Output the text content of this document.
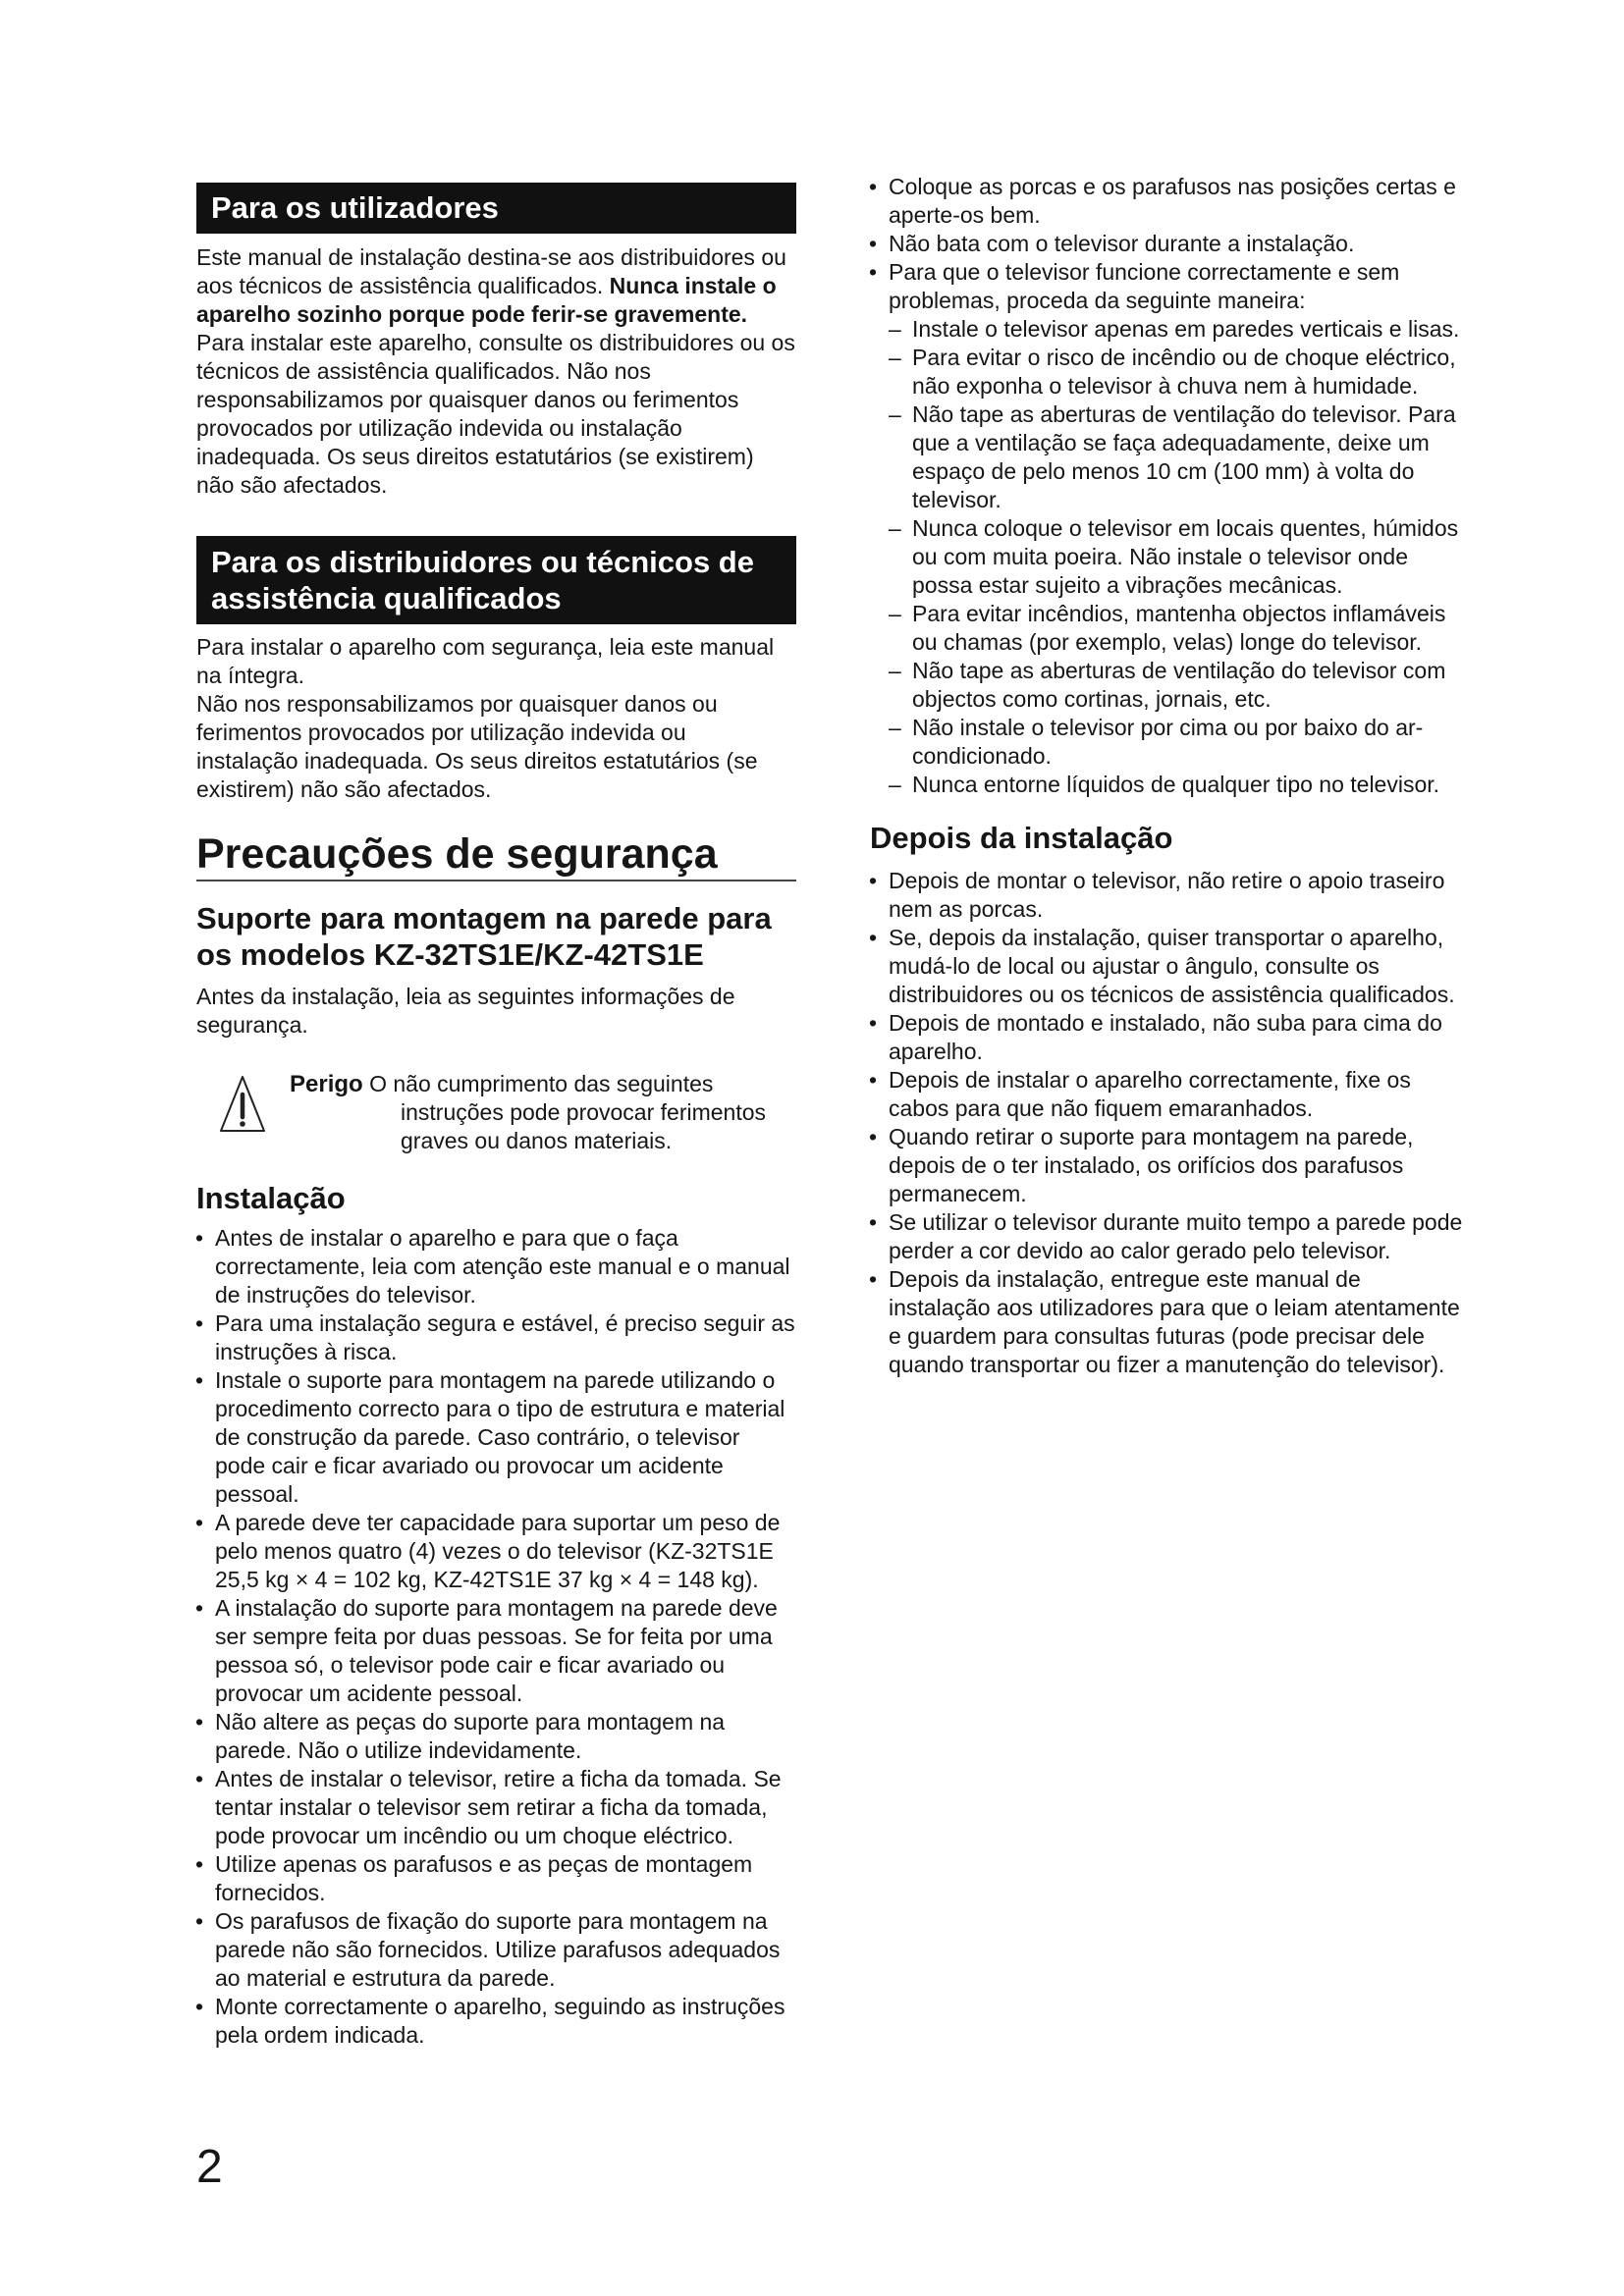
Para os utilizadores

Este manual de instalação destina-se aos distribuidores ou
aos técnicos de assistência qualificados. Nunca instale o
aparelho sozinho porque pode ferir-se gravemente.
Para instalar este aparelho, consulte os distribuidores ou os
técnicos de assistência qualificados. Não nos
responsabilizamos por quaisquer danos ou ferimentos
provocados por utilização indevida ou instalação
inadequada. Os seus direitos estatutários (se existirem)
não são afectados.

Para os distribuidores ou técnicos de
assistência qualificados

Para instalar o aparelho com segurança, leia este manual
na íntegra.
Não nos responsabilizamos por quaisquer danos ou
ferimentos provocados por utilização indevida ou
instalação inadequada. Os seus direitos estatutários (se
existirem) não são afectados.

Precauções de segurança
Suporte para montagem na parede para
os modelos KZ-32TS1E/KZ-42TS1E

Antes da instalação, leia as seguintes informações de
segurança.

Perigo O não cumprimento das seguintes
instruções pode provocar ferimentos
graves ou danos materiais.

Instalação
• Antes de instalar o aparelho e para que o faça
correctamente, leia com atenção este manual e o manual
de instruções do televisor.
• Para uma instalação segura e estável, é preciso seguir as
instruções à risca.
• Instale o suporte para montagem na parede utilizando o
procedimento correcto para o tipo de estrutura e material
de construção da parede. Caso contrário, o televisor
pode cair e ficar avariado ou provocar um acidente
pessoal.
• A parede deve ter capacidade para suportar um peso de
pelo menos quatro (4) vezes o do televisor (KZ-32TS1E
25,5 kg × 4 = 102 kg, KZ-42TS1E 37 kg × 4 = 148 kg).
• A instalação do suporte para montagem na parede deve
ser sempre feita por duas pessoas. Se for feita por uma
pessoa só, o televisor pode cair e ficar avariado ou
provocar um acidente pessoal.
• Não altere as peças do suporte para montagem na
parede. Não o utilize indevidamente.
• Antes de instalar o televisor, retire a ficha da tomada. Se
tentar instalar o televisor sem retirar a ficha da tomada,
pode provocar um incêndio ou um choque eléctrico.
• Utilize apenas os parafusos e as peças de montagem
fornecidos.
• Os parafusos de fixação do suporte para montagem na
parede não são fornecidos. Utilize parafusos adequados
ao material e estrutura da parede.
• Monte correctamente o aparelho, seguindo as instruções
pela ordem indicada.
• Coloque as porcas e os parafusos nas posições certas e
aperte-os bem.
• Não bata com o televisor durante a instalação.
• Para que o televisor funcione correctamente e sem
problemas, proceda da seguinte maneira:
– Instale o televisor apenas em paredes verticais e lisas.
– Para evitar o risco de incêndio ou de choque eléctrico,
não exponha o televisor à chuva nem à humidade.
– Não tape as aberturas de ventilação do televisor. Para
que a ventilação se faça adequadamente, deixe um
espaço de pelo menos 10 cm (100 mm) à volta do
televisor.
– Nunca coloque o televisor em locais quentes, húmidos
ou com muita poeira. Não instale o televisor onde
possa estar sujeito a vibrações mecânicas.
– Para evitar incêndios, mantenha objectos inflamáveis
ou chamas (por exemplo, velas) longe do televisor.
– Não tape as aberturas de ventilação do televisor com
objectos como cortinas, jornais, etc.
– Não instale o televisor por cima ou por baixo do ar-
condicionado.
– Nunca entorne líquidos de qualquer tipo no televisor.
Depois da instalação
• Depois de montar o televisor, não retire o apoio traseiro
nem as porcas.
• Se, depois da instalação, quiser transportar o aparelho,
mudá-lo de local ou ajustar o ângulo, consulte os
distribuidores ou os técnicos de assistência qualificados.
• Depois de montado e instalado, não suba para cima do
aparelho.
• Depois de instalar o aparelho correctamente, fixe os
cabos para que não fiquem emaranhados.
• Quando retirar o suporte para montagem na parede,
depois de o ter instalado, os orifícios dos parafusos
permanecem.
• Se utilizar o televisor durante muito tempo a parede pode
perder a cor devido ao calor gerado pelo televisor.
• Depois da instalação, entregue este manual de
instalação aos utilizadores para que o leiam atentamente
e guardem para consultas futuras (pode precisar dele
quando transportar ou fizer a manutenção do televisor).
2
